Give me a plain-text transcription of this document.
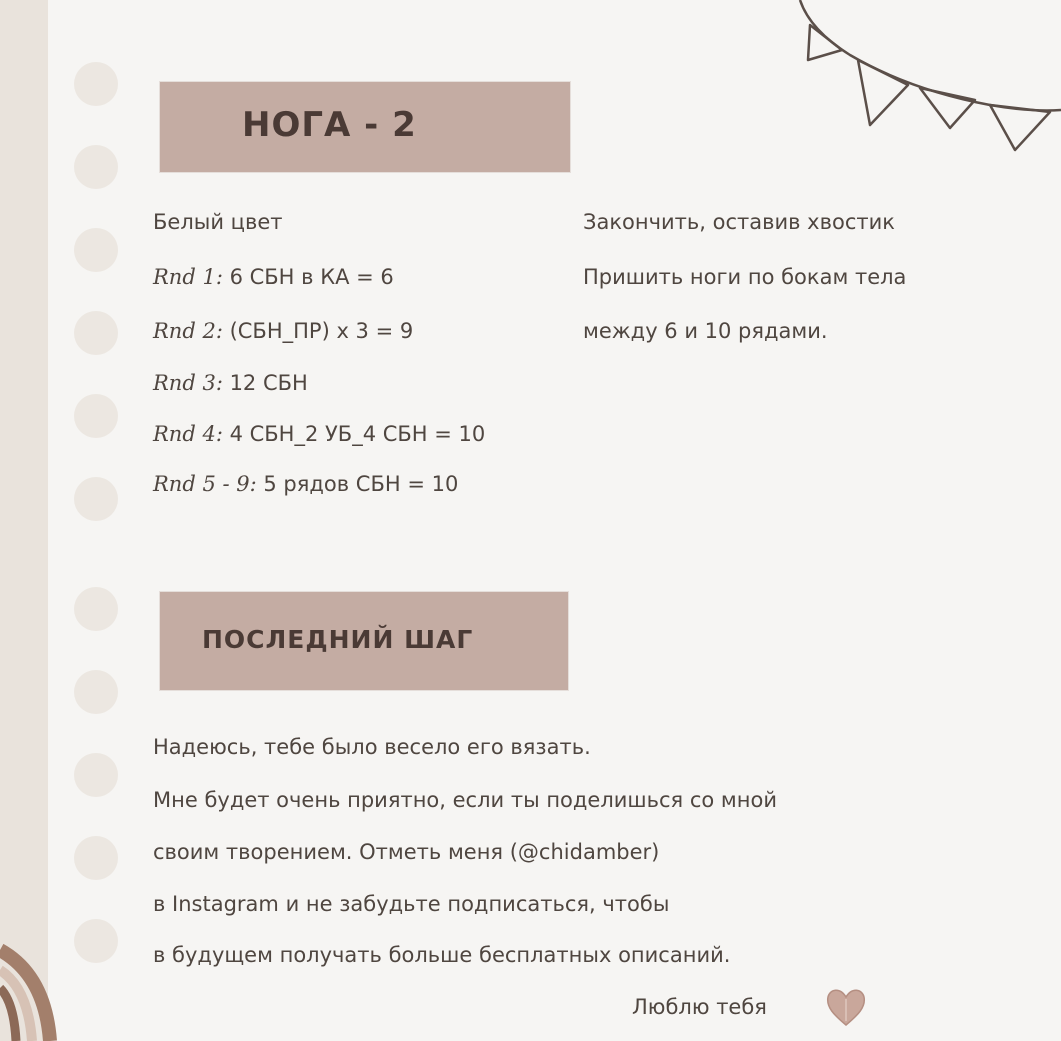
НОГА - 2
Белый цвет
Rnd 1: 6 СБН в КА = 6
Rnd 2: (СБН_ПР) х 3 = 9
Rnd 3: 12 СБН
Rnd 4: 4 СБН_2 УБ_4 СБН = 10
Rnd 5 - 9: 5 рядов СБН = 10
Закончить, оставив хвостик
Пришить ноги по бокам тела
между 6 и 10 рядами.
ПОСЛЕДНИЙ ШАГ
Надеюсь, тебе было весело его вязать.
Мне будет очень приятно, если ты поделишься со мной
своим творением. Отметь меня (@chidamber)
в Instagram и не забудьте подписаться, чтобы
в будущем получать больше бесплатных описаний.
Люблю тебя
